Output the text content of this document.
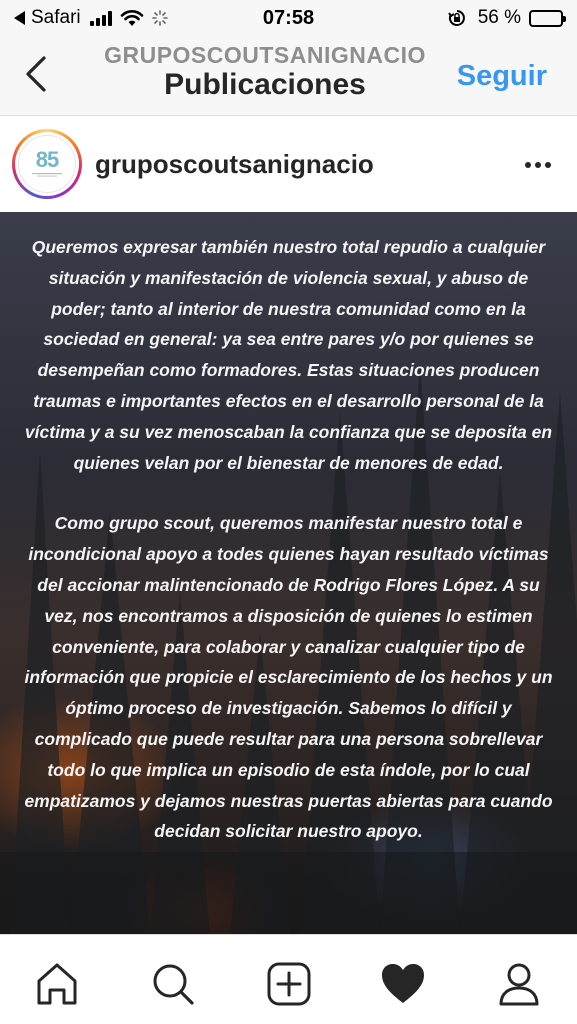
Safari	07:58	56 %
GRUPOSCOUTSANIGNACIO
Publicaciones	Seguir
85 gruposcoutsanignacio

Queremos expresar también nuestro total repudio a cualquier situación y manifestación de violencia sexual, y abuso de poder; tanto al interior de nuestra comunidad como en la sociedad en general: ya sea entre pares y/o por quienes se desempeñan como formadores. Estas situaciones producen traumas e importantes efectos en el desarrollo personal de la víctima y a su vez menoscaban la confianza que se deposita en quienes velan por el bienestar de menores de edad.

Como grupo scout, queremos manifestar nuestro total e incondicional apoyo a todes quienes hayan resultado víctimas del accionar malintencionado de Rodrigo Flores López. A su vez, nos encontramos a disposición de quienes lo estimen conveniente, para colaborar y canalizar cualquier tipo de información que propicie el esclarecimiento de los hechos y un óptimo proceso de investigación. Sabemos lo difícil y complicado que puede resultar para una persona sobrellevar todo lo que implica un episodio de esta índole, por lo cual empatizamos y dejamos nuestras puertas abiertas para cuando decidan solicitar nuestro apoyo.
